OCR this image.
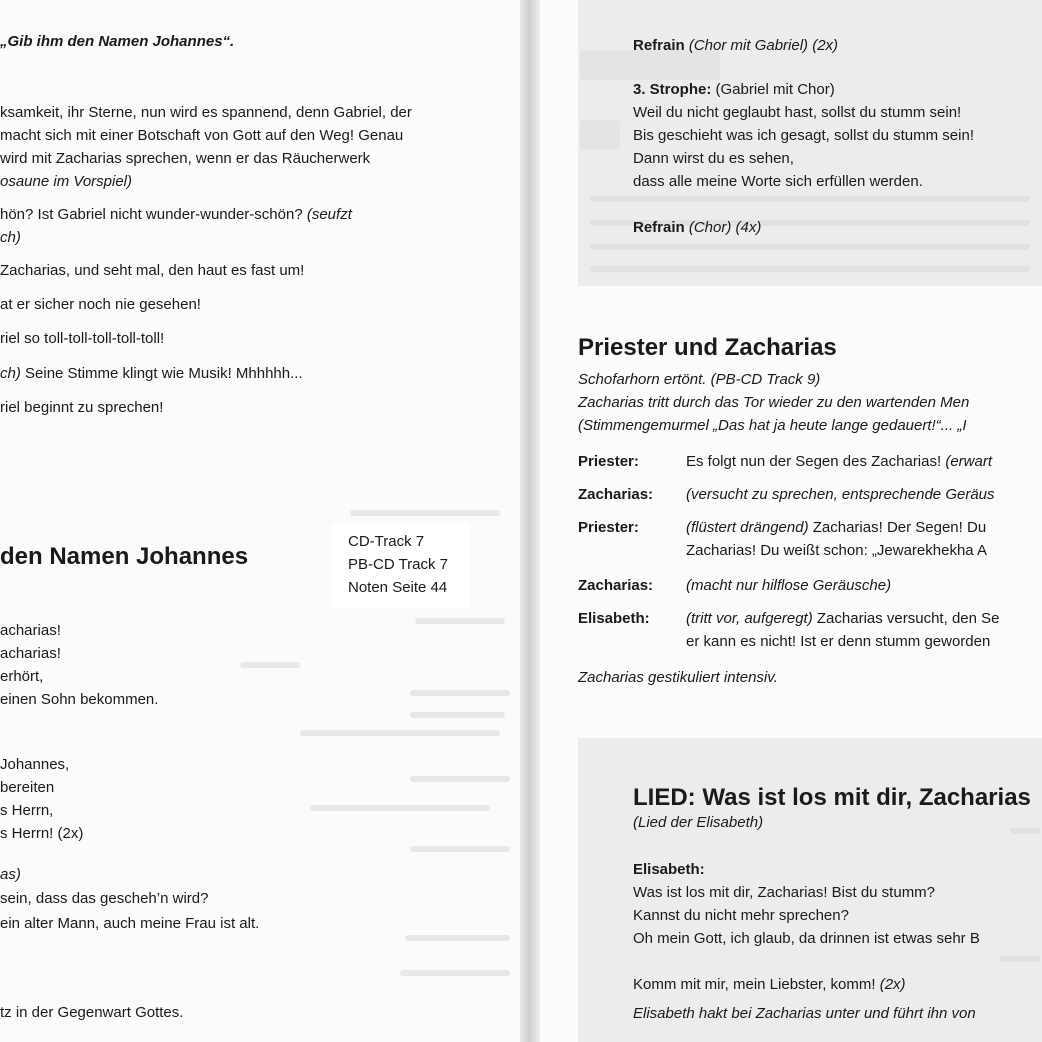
„Gib ihm den Namen Johannes“.
ksamkeit, ihr Sterne, nun wird es spannend, denn Gabriel, der
macht sich mit einer Botschaft von Gott auf den Weg! Genau
wird mit Zacharias sprechen, wenn er das Räucherwerk
osaune im Vorspiel)
hön? Ist Gabriel nicht wunder-wunder-schön? (seufzt
ch)
Zacharias, und seht mal, den haut es fast um!
at er sicher noch nie gesehen!
riel so toll-toll-toll-toll-toll!
ch) Seine Stimme klingt wie Musik! Mhhhhh...
riel beginnt zu sprechen!
den Namen Johannes
CD-Track 7
PB-CD Track 7
Noten Seite 44
acharias!
acharias!
erhört,
einen Sohn bekommen.
Johannes,
bereiten
s Herrn,
s Herrn! (2x)
as)
sein, dass das gescheh’n wird?
ein alter Mann, auch meine Frau ist alt.
tz in der Gegenwart Gottes.
Refrain (Chor mit Gabriel) (2x)
3. Strophe: (Gabriel mit Chor)
Weil du nicht geglaubt hast, sollst du stumm sein!
Bis geschieht was ich gesagt, sollst du stumm sein!
Dann wirst du es sehen,
dass alle meine Worte sich erfüllen werden.
Refrain (Chor) (4x)
Priester und Zacharias
Schofarhorn ertönt. (PB-CD Track 9)
Zacharias tritt durch das Tor wieder zu den wartenden Men
(Stimmengemurmel „Das hat ja heute lange gedauert!“... „I
Priester:	Es folgt nun der Segen des Zacharias! (erwart
Zacharias: (versucht zu sprechen, entsprechende Geräus
Priester:	(flüstert drängend) Zacharias! Der Segen! Du
Zacharias! Du weißt schon: „Jewarekhekha A
Zacharias: (macht nur hilflose Geräusche)
Elisabeth: (tritt vor, aufgeregt) Zacharias versucht, den Se
er kann es nicht! Ist er denn stumm geworden
Zacharias gestikuliert intensiv.
LIED: Was ist los mit dir, Zacharias
(Lied der Elisabeth)
Elisabeth:
Was ist los mit dir, Zacharias! Bist du stumm?
Kannst du nicht mehr sprechen?
Oh mein Gott, ich glaub, da drinnen ist etwas sehr B
Komm mit mir, mein Liebster, komm! (2x)
Elisabeth hakt bei Zacharias unter und führt ihn von
